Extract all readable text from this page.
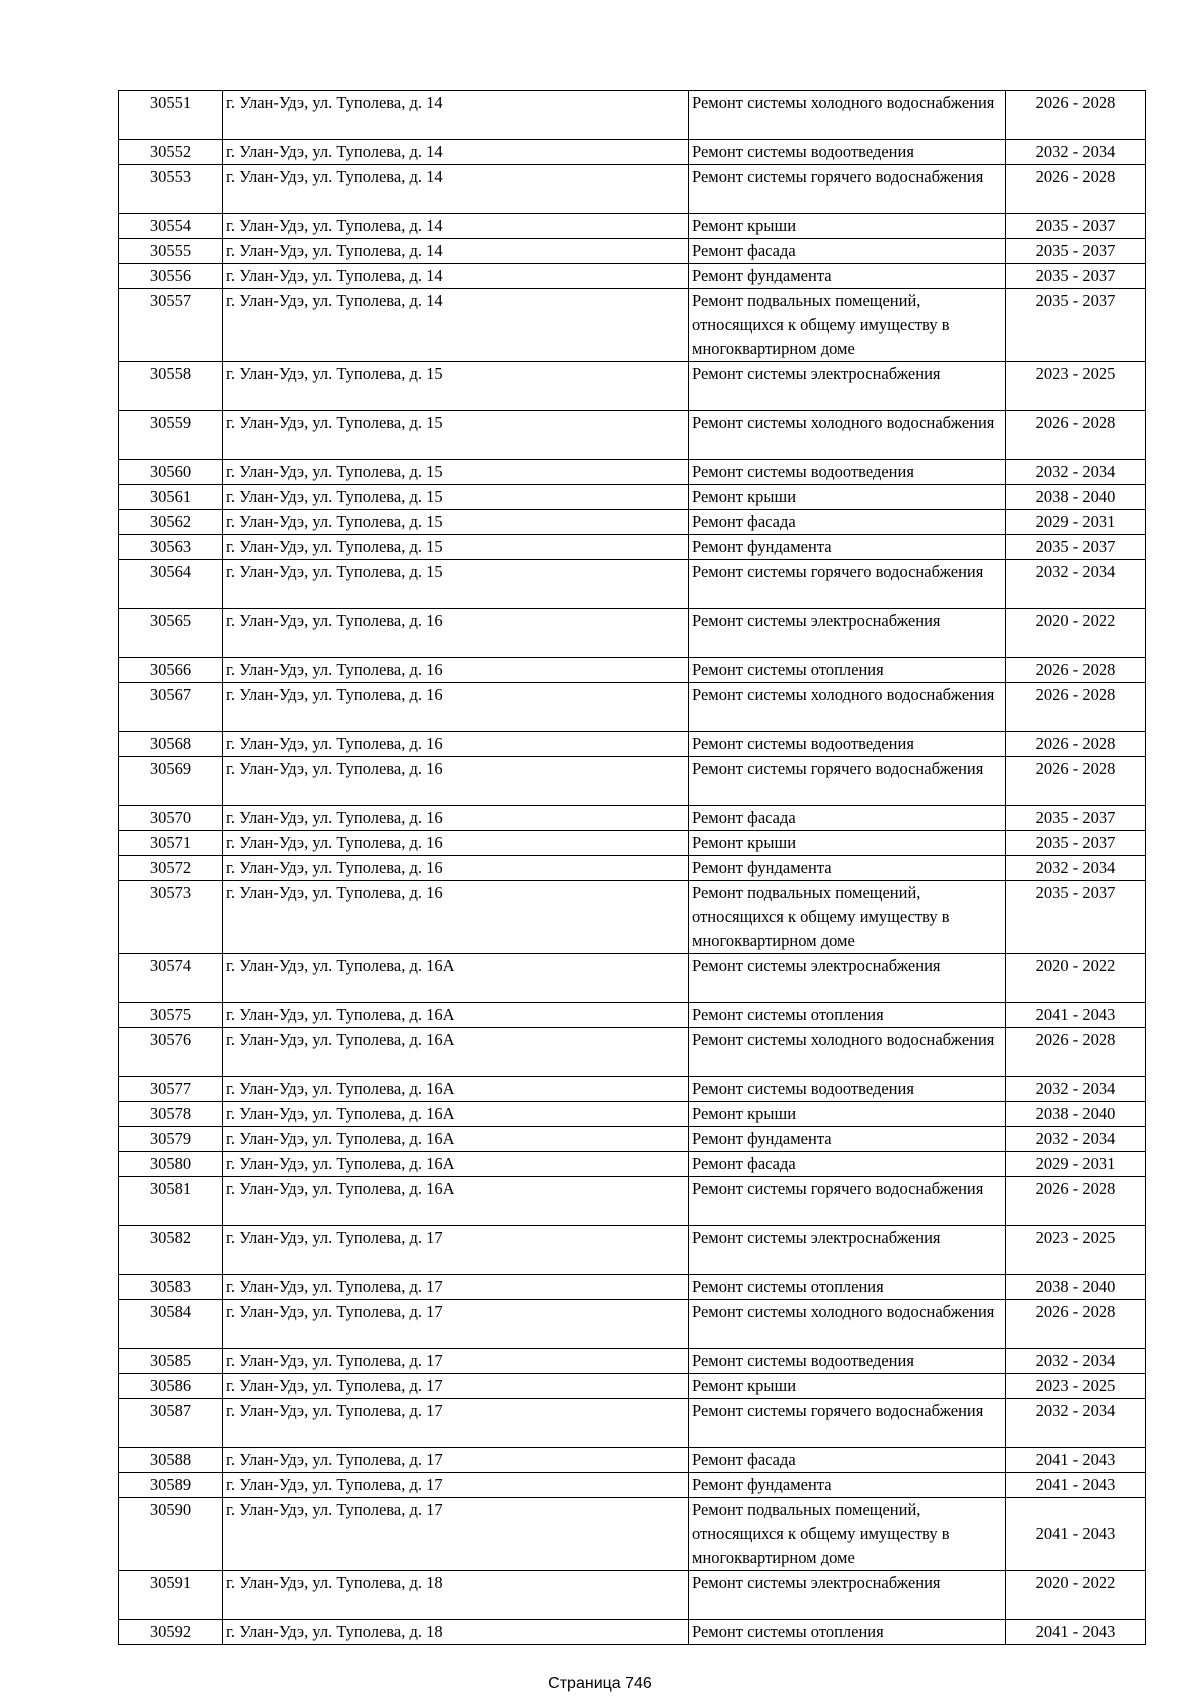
30551	г. Улан-Удэ, ул. Туполева, д. 14	Ремонт системы холодного водоснабжения	2026 - 2028
30552	г. Улан-Удэ, ул. Туполева, д. 14	Ремонт системы водоотведения	2032 - 2034
30553	г. Улан-Удэ, ул. Туполева, д. 14	Ремонт системы горячего водоснабжения	2026 - 2028
30554	г. Улан-Удэ, ул. Туполева, д. 14	Ремонт крыши	2035 - 2037
30555	г. Улан-Удэ, ул. Туполева, д. 14	Ремонт фасада	2035 - 2037
30556	г. Улан-Удэ, ул. Туполева, д. 14	Ремонт фундамента	2035 - 2037
30557	г. Улан-Удэ, ул. Туполева, д. 14	Ремонт подвальных помещений, относящихся к общему имуществу в многоквартирном доме	2035 - 2037
30558	г. Улан-Удэ, ул. Туполева, д. 15	Ремонт системы электроснабжения	2023 - 2025
30559	г. Улан-Удэ, ул. Туполева, д. 15	Ремонт системы холодного водоснабжения	2026 - 2028
30560	г. Улан-Удэ, ул. Туполева, д. 15	Ремонт системы водоотведения	2032 - 2034
30561	г. Улан-Удэ, ул. Туполева, д. 15	Ремонт крыши	2038 - 2040
30562	г. Улан-Удэ, ул. Туполева, д. 15	Ремонт фасада	2029 - 2031
30563	г. Улан-Удэ, ул. Туполева, д. 15	Ремонт фундамента	2035 - 2037
30564	г. Улан-Удэ, ул. Туполева, д. 15	Ремонт системы горячего водоснабжения	2032 - 2034
30565	г. Улан-Удэ, ул. Туполева, д. 16	Ремонт системы электроснабжения	2020 - 2022
30566	г. Улан-Удэ, ул. Туполева, д. 16	Ремонт системы отопления	2026 - 2028
30567	г. Улан-Удэ, ул. Туполева, д. 16	Ремонт системы холодного водоснабжения	2026 - 2028
30568	г. Улан-Удэ, ул. Туполева, д. 16	Ремонт системы водоотведения	2026 - 2028
30569	г. Улан-Удэ, ул. Туполева, д. 16	Ремонт системы горячего водоснабжения	2026 - 2028
30570	г. Улан-Удэ, ул. Туполева, д. 16	Ремонт фасада	2035 - 2037
30571	г. Улан-Удэ, ул. Туполева, д. 16	Ремонт крыши	2035 - 2037
30572	г. Улан-Удэ, ул. Туполева, д. 16	Ремонт фундамента	2032 - 2034
30573	г. Улан-Удэ, ул. Туполева, д. 16	Ремонт подвальных помещений, относящихся к общему имуществу в многоквартирном доме	2035 - 2037
30574	г. Улан-Удэ, ул. Туполева, д. 16А	Ремонт системы электроснабжения	2020 - 2022
30575	г. Улан-Удэ, ул. Туполева, д. 16А	Ремонт системы отопления	2041 - 2043
30576	г. Улан-Удэ, ул. Туполева, д. 16А	Ремонт системы холодного водоснабжения	2026 - 2028
30577	г. Улан-Удэ, ул. Туполева, д. 16А	Ремонт системы водоотведения	2032 - 2034
30578	г. Улан-Удэ, ул. Туполева, д. 16А	Ремонт крыши	2038 - 2040
30579	г. Улан-Удэ, ул. Туполева, д. 16А	Ремонт фундамента	2032 - 2034
30580	г. Улан-Удэ, ул. Туполева, д. 16А	Ремонт фасада	2029 - 2031
30581	г. Улан-Удэ, ул. Туполева, д. 16А	Ремонт системы горячего водоснабжения	2026 - 2028
30582	г. Улан-Удэ, ул. Туполева, д. 17	Ремонт системы электроснабжения	2023 - 2025
30583	г. Улан-Удэ, ул. Туполева, д. 17	Ремонт системы отопления	2038 - 2040
30584	г. Улан-Удэ, ул. Туполева, д. 17	Ремонт системы холодного водоснабжения	2026 - 2028
30585	г. Улан-Удэ, ул. Туполева, д. 17	Ремонт системы водоотведения	2032 - 2034
30586	г. Улан-Удэ, ул. Туполева, д. 17	Ремонт крыши	2023 - 2025
30587	г. Улан-Удэ, ул. Туполева, д. 17	Ремонт системы горячего водоснабжения	2032 - 2034
30588	г. Улан-Удэ, ул. Туполева, д. 17	Ремонт фасада	2041 - 2043
30589	г. Улан-Удэ, ул. Туполева, д. 17	Ремонт фундамента	2041 - 2043
30590	г. Улан-Удэ, ул. Туполева, д. 17	Ремонт подвальных помещений, относящихся к общему имуществу в многоквартирном доме	2041 - 2043
30591	г. Улан-Удэ, ул. Туполева, д. 18	Ремонт системы электроснабжения	2020 - 2022
30592	г. Улан-Удэ, ул. Туполева, д. 18	Ремонт системы отопления	2041 - 2043
Страница 746
